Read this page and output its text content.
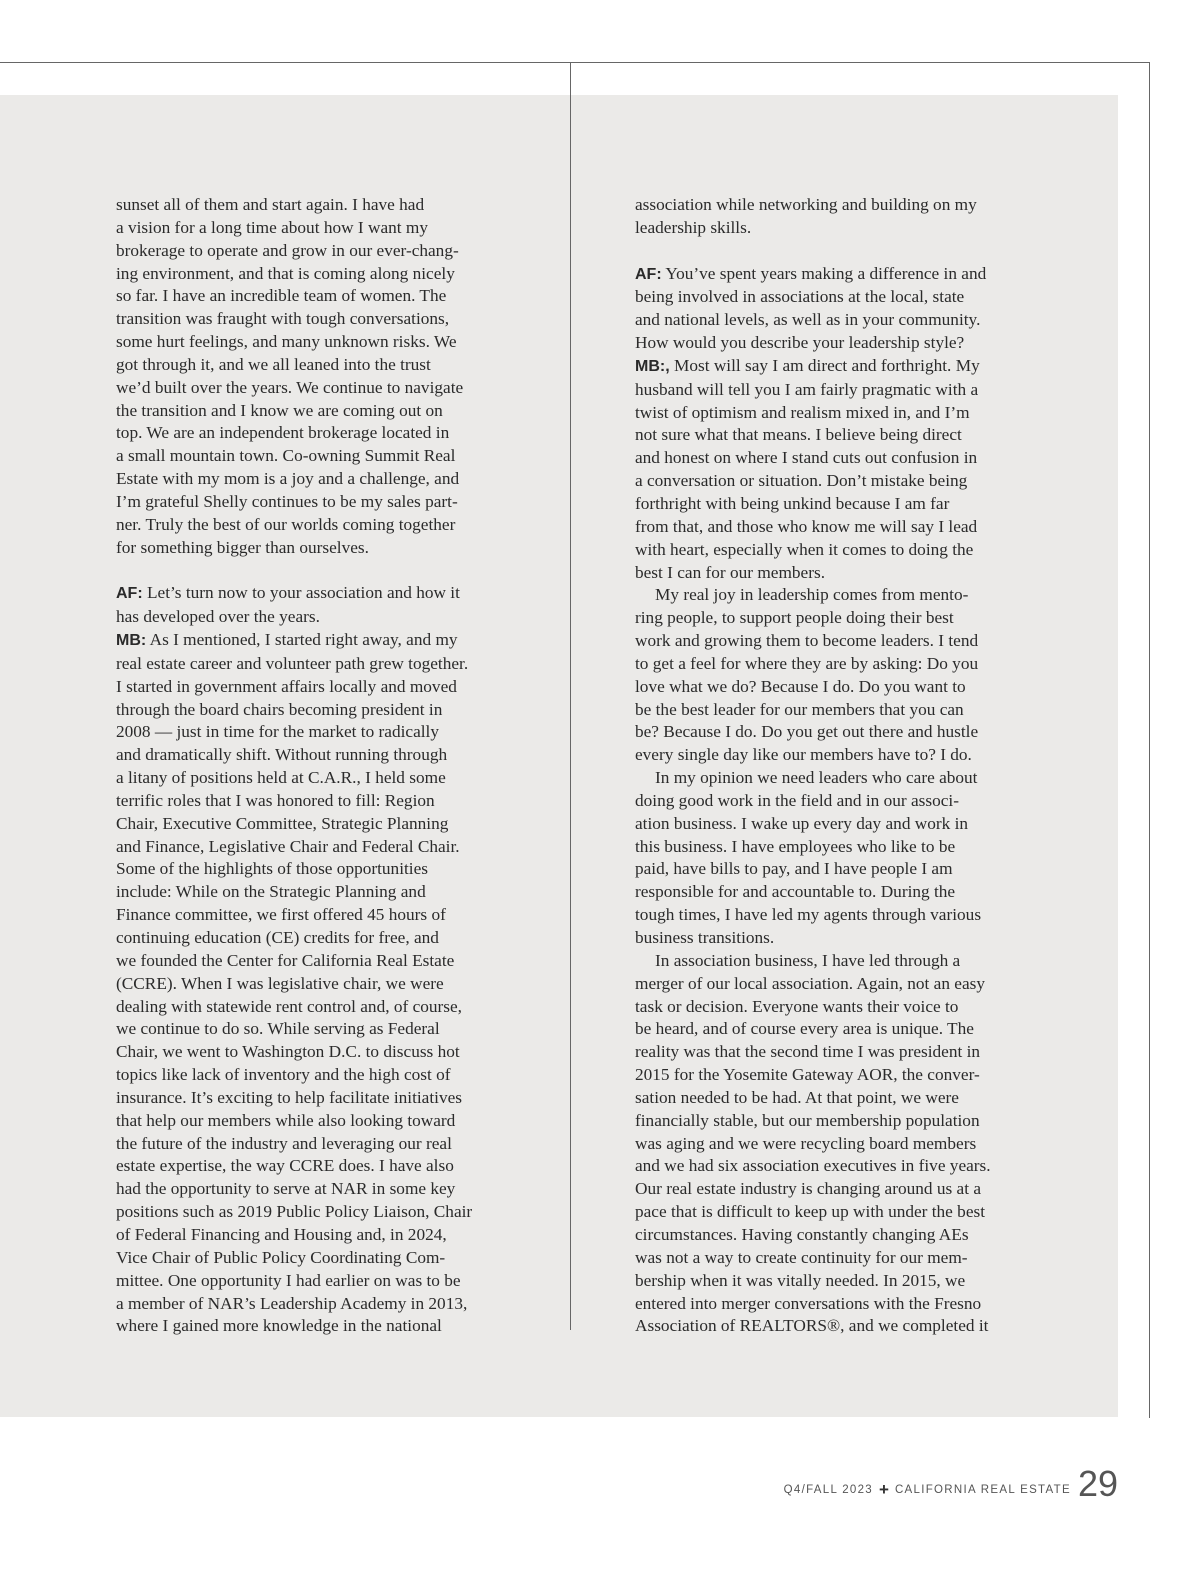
sunset all of them and start again. I have had
a vision for a long time about how I want my
brokerage to operate and grow in our ever-chang-
ing environment, and that is coming along nicely
so far. I have an incredible team of women. The
transition was fraught with tough conversations,
some hurt feelings, and many unknown risks. We
got through it, and we all leaned into the trust
we’d built over the years. We continue to navigate
the transition and I know we are coming out on
top. We are an independent brokerage located in
a small mountain town. Co-owning Summit Real
Estate with my mom is a joy and a challenge, and
I’m grateful Shelly continues to be my sales part-
ner. Truly the best of our worlds coming together
for something bigger than ourselves.
AF: Let’s turn now to your association and how it
has developed over the years.
MB: As I mentioned, I started right away, and my
real estate career and volunteer path grew together.
I started in government affairs locally and moved
through the board chairs becoming president in
2008 — just in time for the market to radically
and dramatically shift. Without running through
a litany of positions held at C.A.R., I held some
terrific roles that I was honored to fill: Region
Chair, Executive Committee, Strategic Planning
and Finance, Legislative Chair and Federal Chair.
Some of the highlights of those opportunities
include: While on the Strategic Planning and
Finance committee, we first offered 45 hours of
continuing education (CE) credits for free, and
we founded the Center for California Real Estate
(CCRE). When I was legislative chair, we were
dealing with statewide rent control and, of course,
we continue to do so. While serving as Federal
Chair, we went to Washington D.C. to discuss hot
topics like lack of inventory and the high cost of
insurance. It’s exciting to help facilitate initiatives
that help our members while also looking toward
the future of the industry and leveraging our real
estate expertise, the way CCRE does. I have also
had the opportunity to serve at NAR in some key
positions such as 2019 Public Policy Liaison, Chair
of Federal Financing and Housing and, in 2024,
Vice Chair of Public Policy Coordinating Com-
mittee. One opportunity I had earlier on was to be
a member of NAR’s Leadership Academy in 2013,
where I gained more knowledge in the national
association while networking and building on my
leadership skills.
AF: You’ve spent years making a difference in and
being involved in associations at the local, state
and national levels, as well as in your community.
How would you describe your leadership style?
MB:, Most will say I am direct and forthright. My
husband will tell you I am fairly pragmatic with a
twist of optimism and realism mixed in, and I’m
not sure what that means. I believe being direct
and honest on where I stand cuts out confusion in
a conversation or situation. Don’t mistake being
forthright with being unkind because I am far
from that, and those who know me will say I lead
with heart, especially when it comes to doing the
best I can for our members.
My real joy in leadership comes from mento-
ring people, to support people doing their best
work and growing them to become leaders. I tend
to get a feel for where they are by asking: Do you
love what we do? Because I do. Do you want to
be the best leader for our members that you can
be? Because I do. Do you get out there and hustle
every single day like our members have to? I do.
In my opinion we need leaders who care about
doing good work in the field and in our associ-
ation business. I wake up every day and work in
this business. I have employees who like to be
paid, have bills to pay, and I have people I am
responsible for and accountable to. During the
tough times, I have led my agents through various
business transitions.
In association business, I have led through a
merger of our local association. Again, not an easy
task or decision. Everyone wants their voice to
be heard, and of course every area is unique. The
reality was that the second time I was president in
2015 for the Yosemite Gateway AOR, the conver-
sation needed to be had. At that point, we were
financially stable, but our membership population
was aging and we were recycling board members
and we had six association executives in five years.
Our real estate industry is changing around us at a
pace that is difficult to keep up with under the best
circumstances. Having constantly changing AEs
was not a way to create continuity for our mem-
bership when it was vitally needed. In 2015, we
entered into merger conversations with the Fresno
Association of REALTORS®, and we completed it
Q4/FALL 2023 + CALIFORNIA REAL ESTATE 29
